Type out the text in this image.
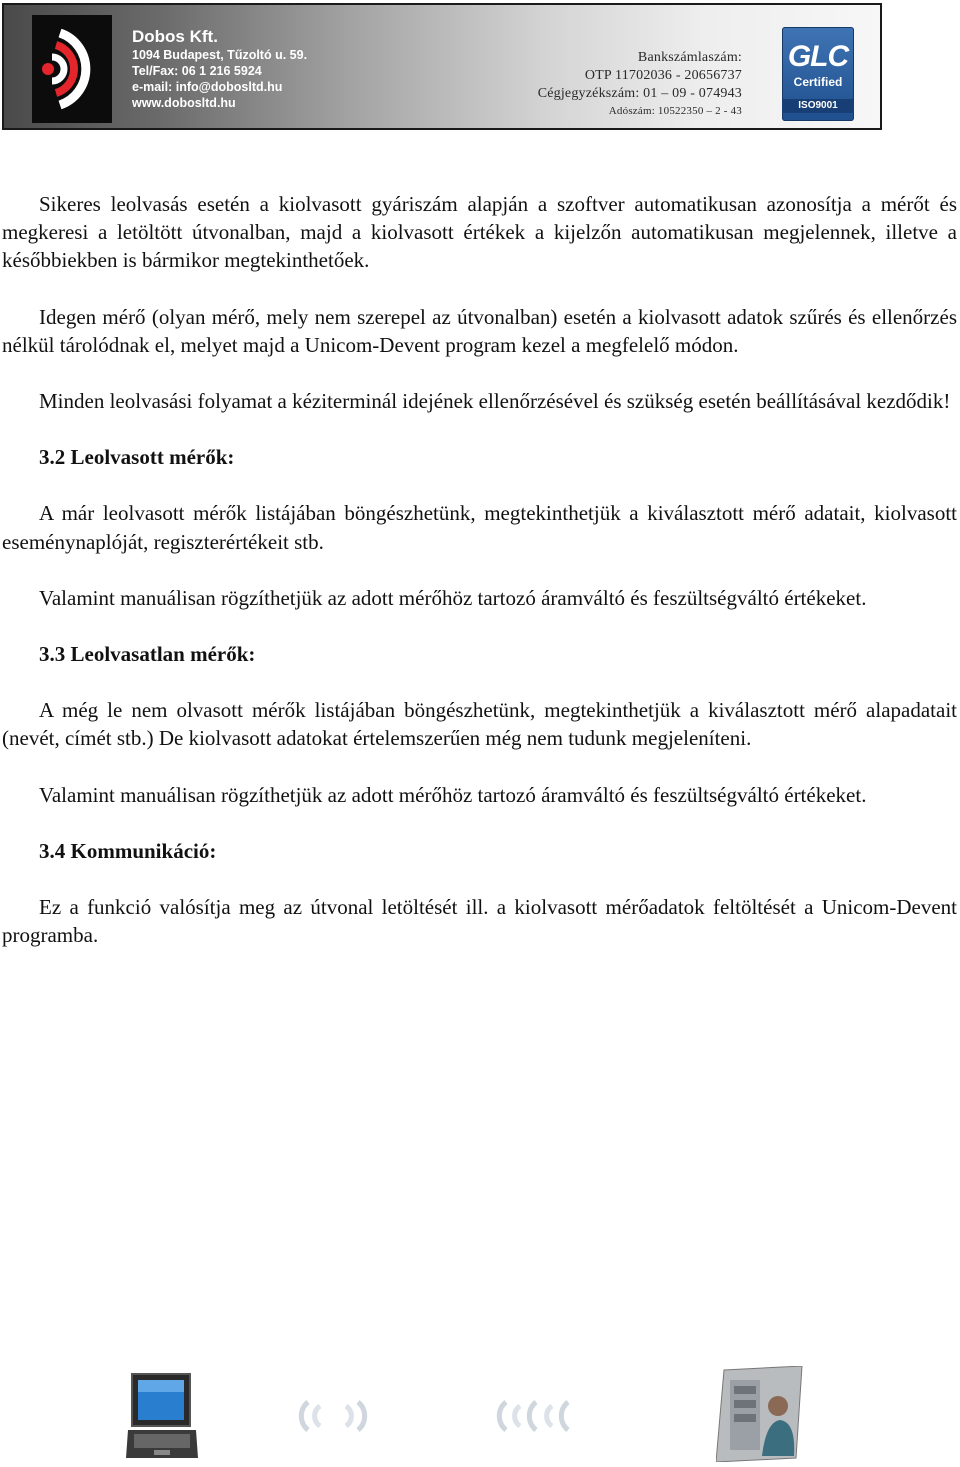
Dobos Kft.
1094 Budapest, Tűzoltó u. 59.
Tel/Fax: 06 1 216 5924
e-mail: info@dobosltd.hu
www.dobosltd.hu
Bankszámlaszám:
OTP 11702036 - 20656737
Cégjegyzékszám: 01 – 09 - 074943
Adószám: 10522350 – 2 - 43
GLC
Certified
ISO9001

Sikeres leolvasás esetén a kiolvasott gyáriszám alapján a szoftver automatikusan azonosítja a mérőt és megkeresi a letöltött útvonalban, majd a kiolvasott értékek a kijelzőn automatikusan megjelennek, illetve a későbbiekben is bármikor megtekinthetőek.

Idegen mérő (olyan mérő, mely nem szerepel az útvonalban) esetén a kiolvasott adatok szűrés és ellenőrzés nélkül tárolódnak el, melyet majd a Unicom-Devent program kezel a megfelelő módon.

Minden leolvasási folyamat a kéziterminál idejének ellenőrzésével és szükség esetén beállításával kezdődik!

3.2 Leolvasott mérők:

A már leolvasott mérők listájában böngészhetünk, megtekinthetjük a kiválasztott mérő adatait, kiolvasott eseménynaplóját, regiszterértékeit stb.

Valamint manuálisan rögzíthetjük az adott mérőhöz tartozó áramváltó és feszültségváltó értékeket.

3.3 Leolvasatlan mérők:

A még le nem olvasott mérők listájában böngészhetünk, megtekinthetjük a kiválasztott mérő alapadatait (nevét, címét stb.) De kiolvasott adatokat értelemszerűen még nem tudunk megjeleníteni.

Valamint manuálisan rögzíthetjük az adott mérőhöz tartozó áramváltó és feszültségváltó értékeket.

3.4 Kommunikáció:

Ez a funkció valósítja meg az útvonal letöltését ill. a kiolvasott mérőadatok feltöltését a Unicom-Devent programba.
